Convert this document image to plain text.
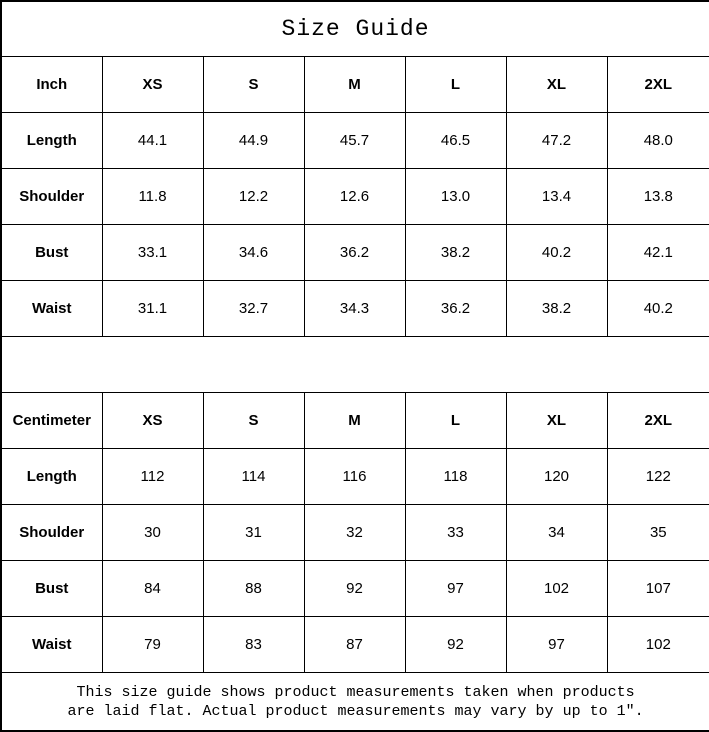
Size Guide						
Inch	XS	S	M	L	XL	2XL
Length	44.1	44.9	45.7	46.5	47.2	48.0
Shoulder	11.8	12.2	12.6	13.0	13.4	13.8
Bust	33.1	34.6	36.2	38.2	40.2	42.1
Waist	31.1	32.7	34.3	36.2	38.2	40.2

Centimeter	XS	S	M	L	XL	2XL
Length	112	114	116	118	120	122
Shoulder	30	31	32	33	34	35
Bust	84	88	92	97	102	107
Waist	79	83	87	92	97	102

This size guide shows product measurements taken when products
are laid flat. Actual product measurements may vary by up to 1″.						
